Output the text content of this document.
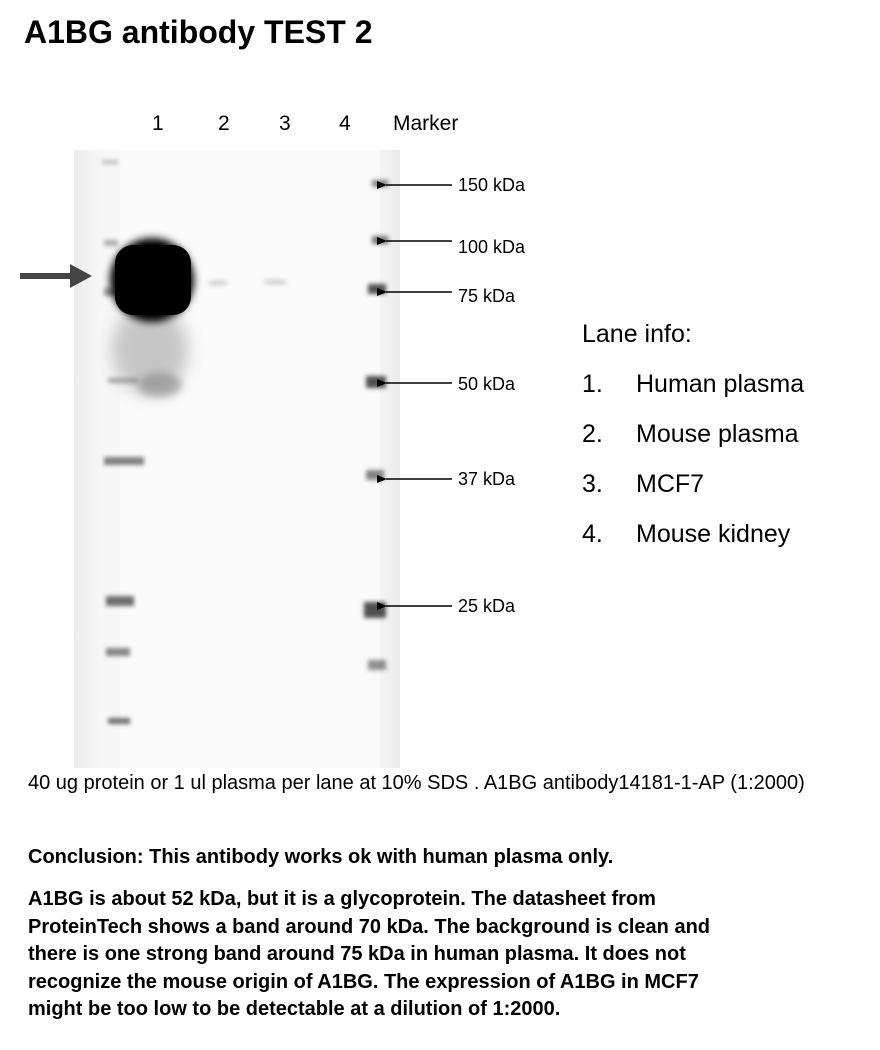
A1BG antibody TEST 2
1	2 3 4 Marker
150 kDa
100 kDa
75 kDa
50 kDa
37 kDa
25 kDa
Lane info:
1. Human plasma
2. Mouse plasma
3. MCF7
4. Mouse kidney
40 ug protein or 1 ul plasma per lane at 10% SDS . A1BG antibody14181-1-AP (1:2000)
Conclusion: This antibody works ok with human plasma only.
A1BG is about 52 kDa, but it is a glycoprotein. The datasheet from
ProteinTech shows a band around 70 kDa. The background is clean and
there is one strong band around 75 kDa in human plasma. It does not
recognize the mouse origin of A1BG. The expression of A1BG in MCF7
might be too low to be detectable at a dilution of 1:2000.
